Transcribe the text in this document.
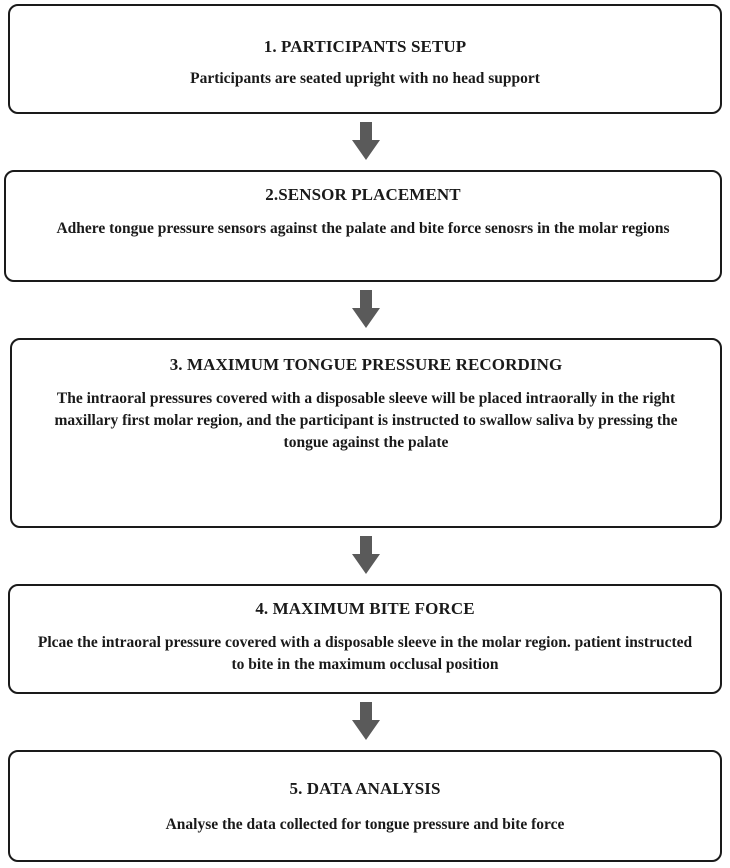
1. PARTICIPANTS SETUP
Participants are seated upright with no head support
2.SENSOR PLACEMENT
Adhere tongue pressure sensors against the palate and bite force senosrs in the molar regions
3. MAXIMUM TONGUE PRESSURE RECORDING
The intraoral pressures covered with a disposable sleeve will be placed intraorally in the right maxillary first molar region, and the participant is instructed to swallow saliva by pressing the tongue against the palate
4. MAXIMUM BITE FORCE
Plcae the intraoral pressure covered with a disposable sleeve in the molar region. patient instructed to bite in the maximum occlusal position
5. DATA ANALYSIS
Analyse the data collected for tongue pressure and bite force
